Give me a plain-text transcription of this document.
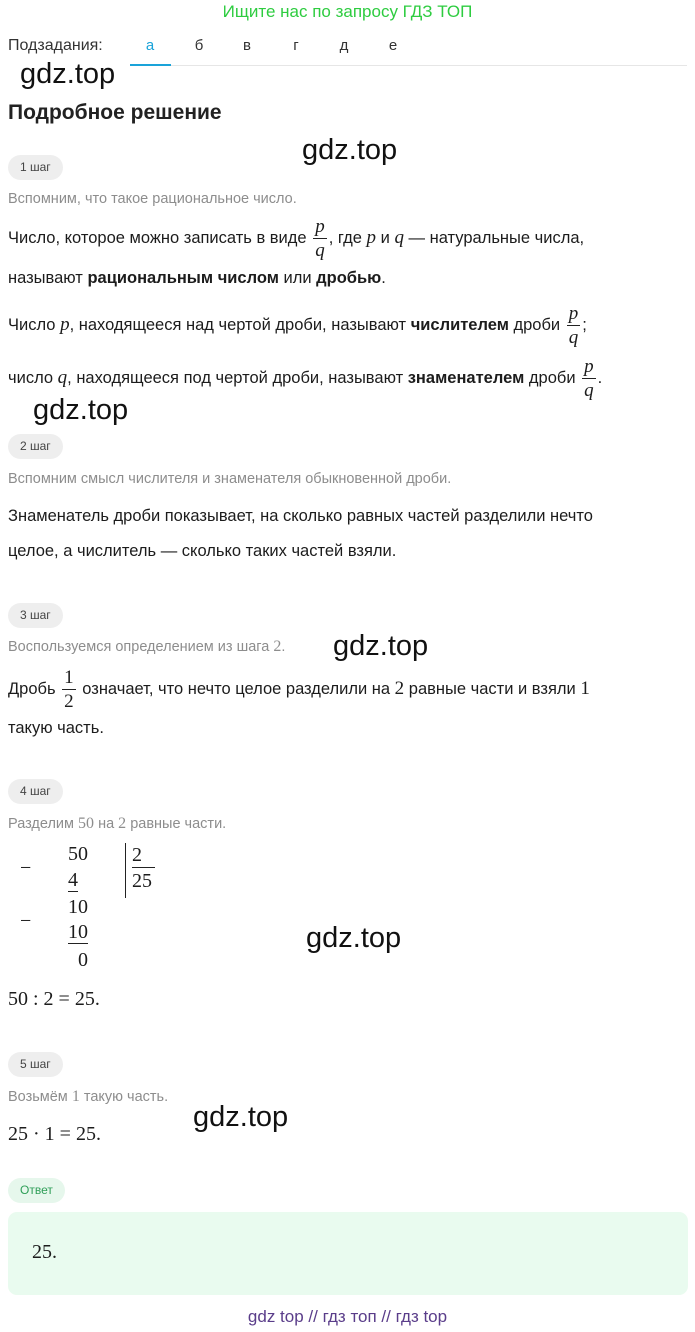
Ищите нас по запросу ГДЗ ТОП
Подзадания:	а	б	в	г	д	е
gdz.top
gdz.top
gdz.top
gdz.top
gdz.top
gdz.top
Подробное решение
1 шаг
Вспомним, что такое рациональное число.
Число, которое можно записать в виде
$\frac{p}{q}$ , где
p
и
q
— натуральные числа,
называют рациональным числом или дробью.
Число
p , находящееся над чертой дроби, называют
числителем
дроби
$\frac{p}{q}$ ;
число
q , находящееся под чертой дроби, называют
знаменателем
дроби
$\frac{p}{q}$ .
2 шаг
Вспомним смысл числителя и знаменателя обыкновенной дроби.
Знаменатель дроби показывает, на сколько равных частей разделили нечто
целое, а числитель — сколько таких частей взяли.
3 шаг
Воспользуемся определением из шага 2.
Дробь
$\frac{1}{2}$
означает, что нечто целое разделили на
2
равные части и взяли
1
такую часть.
4 шаг
Разделим 50 на 2 равные части.
−
50
4
2
25
−
10
10
0
50 : 2 = 25.
5 шаг
Возьмём 1 такую часть.
25 · 1 = 25.
Ответ
25.
gdz top // гдз топ // гдз top
